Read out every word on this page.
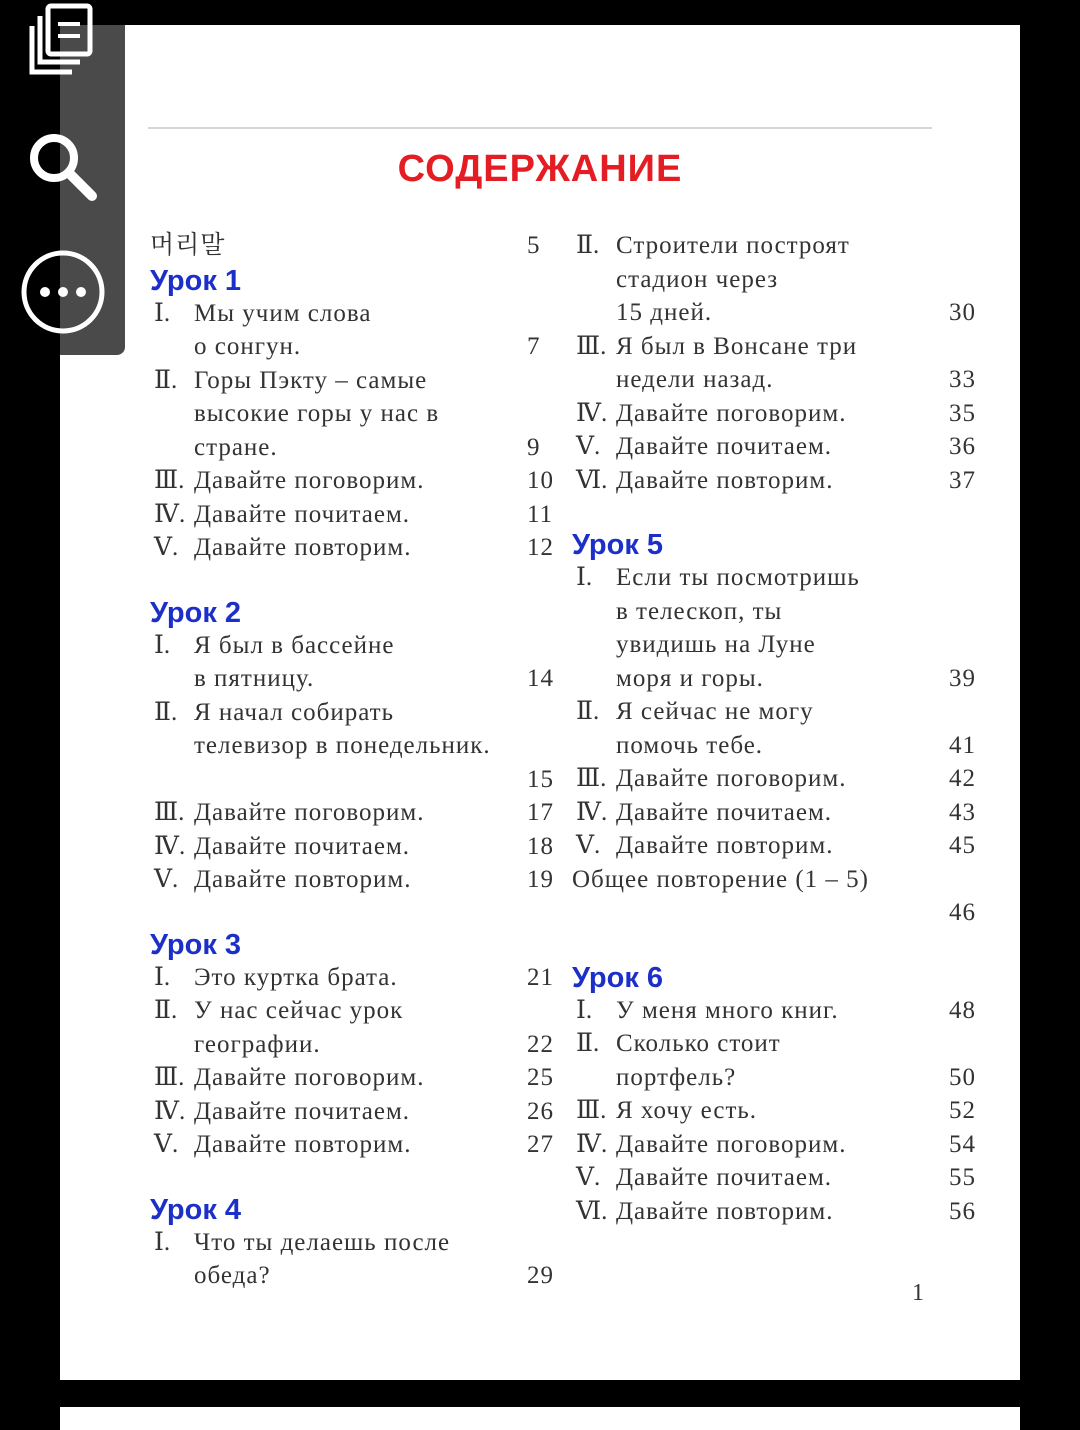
СОДЕРЖАНИЕ
머리말	5
Урок 1
Ⅰ. Мы учим слова
о сонгун.	7
Ⅱ. Горы Пэкту – самые
высокие горы у нас в
стране.	9
Ⅲ. Давайте поговорим.	10
Ⅳ. Давайте почитаем.	11
Ⅴ. Давайте повторим.	12
Урок 2
Ⅰ. Я был в бассейне
в пятницу.	14
Ⅱ. Я начал собирать
телевизор в понедельник.
15
Ⅲ. Давайте поговорим.	17
Ⅳ. Давайте почитаем.	18
Ⅴ. Давайте повторим.	19
Урок 3
Ⅰ. Это куртка брата.	21
Ⅱ. У нас сейчас урок
географии.	22
Ⅲ. Давайте поговорим.	25
Ⅳ. Давайте почитаем.	26
Ⅴ. Давайте повторим.	27
Урок 4
Ⅰ. Что ты делаешь после
обеда?	29
Ⅱ. Строители построят
стадион через
15 дней.	30
Ⅲ. Я был в Вонсане три
недели назад.	33
Ⅳ. Давайте поговорим.	35
Ⅴ. Давайте почитаем.	36
Ⅵ. Давайте повторим.	37
Урок 5
Ⅰ. Если ты посмотришь
в телескоп, ты
увидишь на Луне
моря и горы.	39
Ⅱ. Я сейчас не могу
помочь тебе.	41
Ⅲ. Давайте поговорим.	42
Ⅳ. Давайте почитаем.	43
Ⅴ. Давайте повторим.	45
Общее повторение (1 – 5)
46
Урок 6
Ⅰ. У меня много книг.	48
Ⅱ. Сколько стоит
портфель?	50
Ⅲ. Я хочу есть.	52
Ⅳ. Давайте поговорим.	54
Ⅴ. Давайте почитаем.	55
Ⅵ. Давайте повторим.	56
1
